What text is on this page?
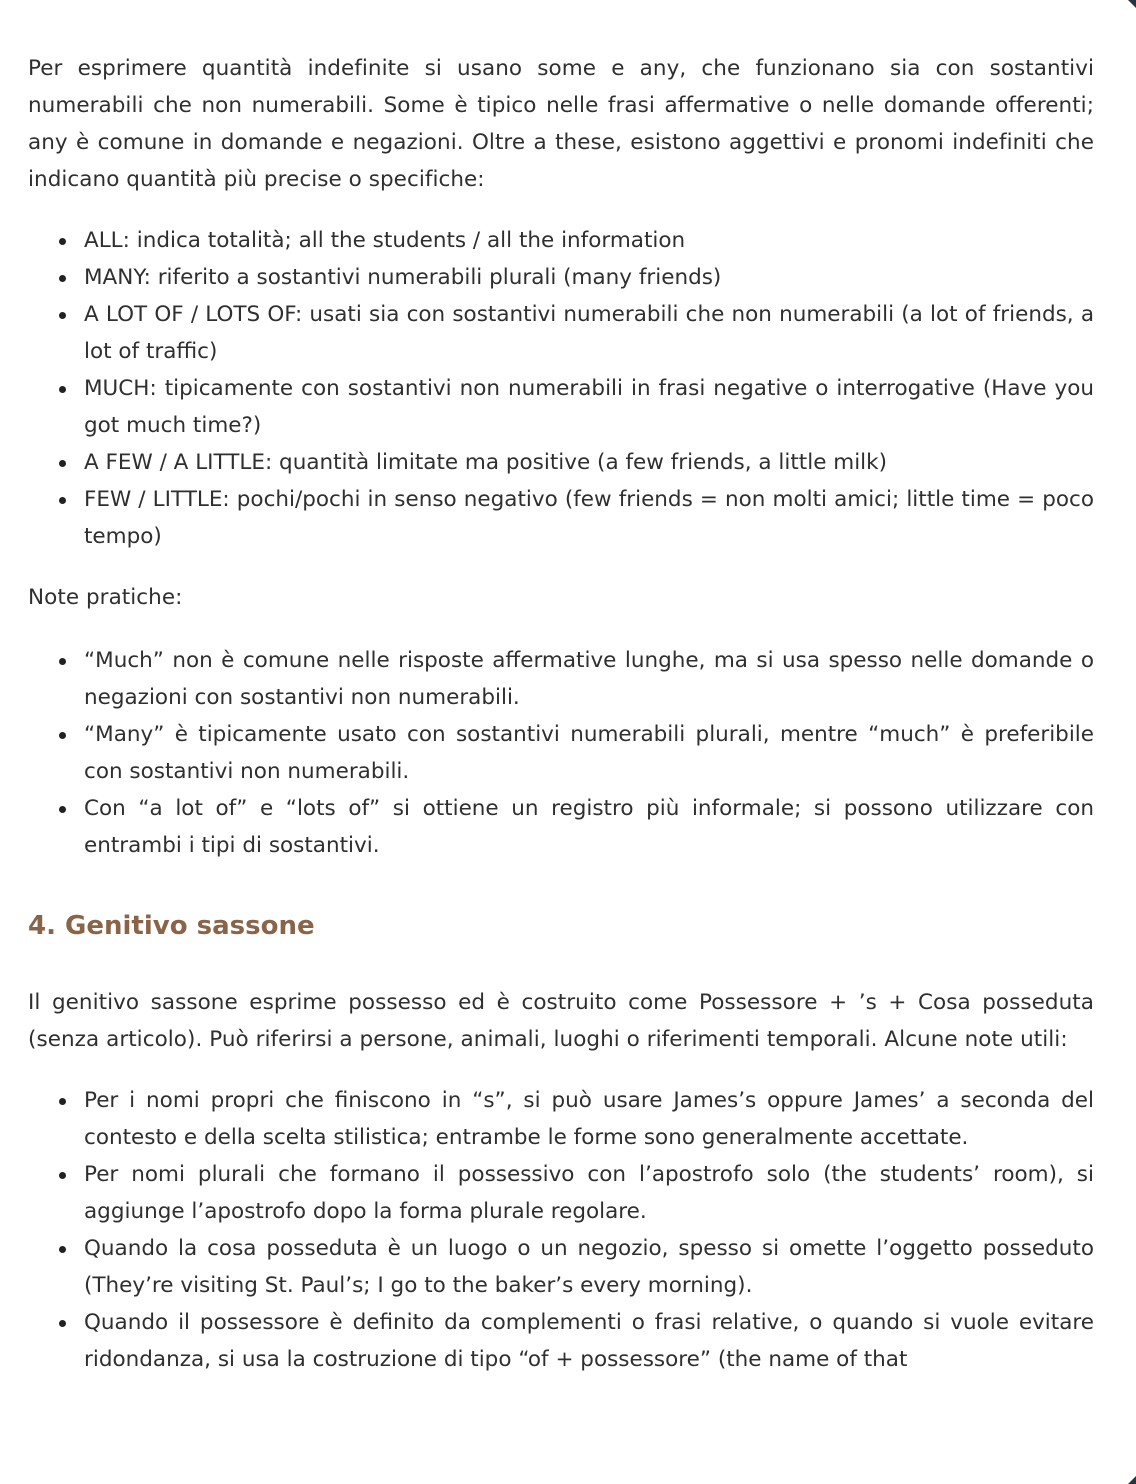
Per esprimere quantità indefinite si usano some e any, che funzionano sia con sostantivi numerabili che non numerabili. Some è tipico nelle frasi affermative o nelle domande offerenti; any è comune in domande e negazioni. Oltre a these, esistono aggettivi e pronomi indefiniti che indicano quantità più precise o specifiche:

ALL: indica totalità; all the students / all the information
MANY: riferito a sostantivi numerabili plurali (many friends)
A LOT OF / LOTS OF: usati sia con sostantivi numerabili che non numerabili (a lot of friends, a lot of traffic)
MUCH: tipicamente con sostantivi non numerabili in frasi negative o interrogative (Have you got much time?)
A FEW / A LITTLE: quantità limitate ma positive (a few friends, a little milk)
FEW / LITTLE: pochi/pochi in senso negativo (few friends = non molti amici; little time = poco tempo)

Note pratiche:

“Much” non è comune nelle risposte affermative lunghe, ma si usa spesso nelle domande o negazioni con sostantivi non numerabili.
“Many” è tipicamente usato con sostantivi numerabili plurali, mentre “much” è preferibile con sostantivi non numerabili.
Con “a lot of” e “lots of” si ottiene un registro più informale; si possono utilizzare con entrambi i tipi di sostantivi.
4. Genitivo sassone

Il genitivo sassone esprime possesso ed è costruito come Possessore + ’s + Cosa posseduta (senza articolo). Può riferirsi a persone, animali, luoghi o riferimenti temporali. Alcune note utili:

Per i nomi propri che finiscono in “s”, si può usare James’s oppure James’ a seconda del contesto e della scelta stilistica; entrambe le forme sono generalmente accettate.
Per nomi plurali che formano il possessivo con l’apostrofo solo (the students’ room), si aggiunge l’apostrofo dopo la forma plurale regolare.
Quando la cosa posseduta è un luogo o un negozio, spesso si omette l’oggetto posseduto (They’re visiting St. Paul’s; I go to the baker’s every morning).
Quando il possessore è definito da complementi o frasi relative, o quando si vuole evitare ridondanza, si usa la costruzione di tipo “of + possessore” (the name of that
